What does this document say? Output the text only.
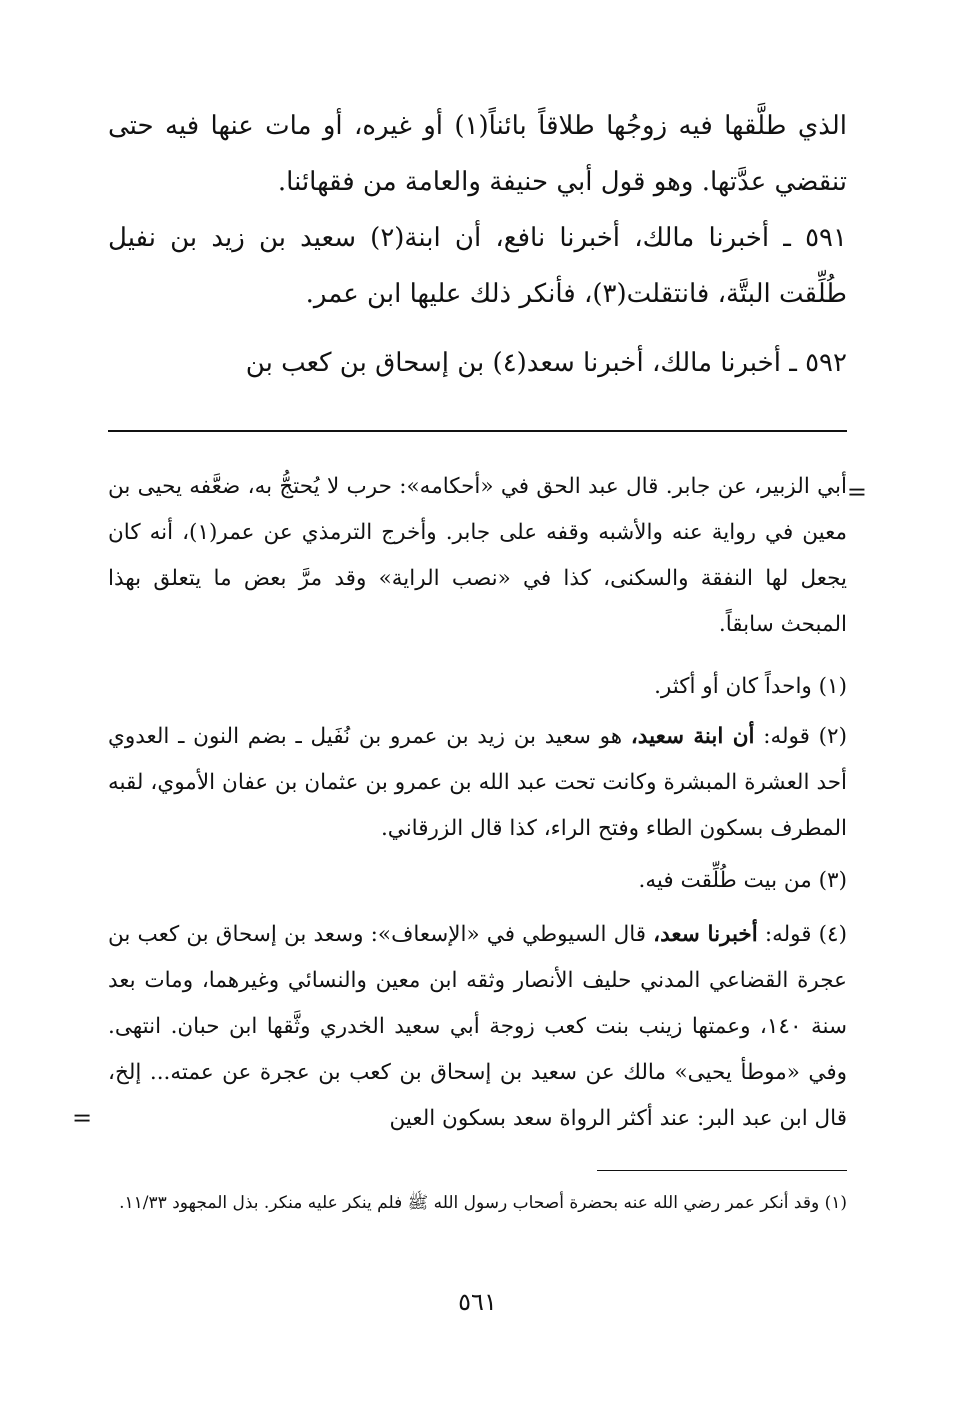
الذي طلَّقها فيه زوجُها طلاقاً بائناً(١) أو غيره، أو مات عنها فيه حتى تنقضي عدَّتها. وهو قول أبي حنيفة والعامة من فقهائنا.

٥٩١ ـ أخبرنا مالك، أخبرنا نافع، أن ابنة(٢) سعيد بن زيد بن نفيل طُلِّقت البتَّة، فانتقلت(٣)، فأنكر ذلك عليها ابن عمر.

٥٩٢ ـ أخبرنا مالك، أخبرنا سعد(٤) بن إسحاق بن كعب بن

=

أبي الزبير، عن جابر. قال عبد الحق في «أحكامه»: حرب لا يُحتجُّ به، ضعَّفه يحيى بن معين في رواية عنه والأشبه وقفه على جابر. وأخرج الترمذي عن عمر(١)، أنه كان يجعل لها النفقة والسكنى، كذا في «نصب الراية» وقد مرَّ بعض ما يتعلق بهذا المبحث سابقاً.

(١) واحداً كان أو أكثر.

(٢) قوله: أن ابنة سعيد، هو سعيد بن زيد بن عمرو بن نُفَيل ـ بضم النون ـ العدوي أحد العشرة المبشرة وكانت تحت عبد الله بن عمرو بن عثمان بن عفان الأموي، لقبه المطرف بسكون الطاء وفتح الراء، كذا قال الزرقاني.

(٣) من بيت طُلِّقت فيه.

(٤) قوله: أخبرنا سعد، قال السيوطي في «الإسعاف»: وسعد بن إسحاق بن كعب بن عجرة القضاعي المدني حليف الأنصار وثقه ابن معين والنسائي وغيرهما، ومات بعد سنة ١٤٠، وعمتها زينب بنت كعب زوجة أبي سعيد الخدري وثَّقها ابن حبان. انتهى. وفي «موطأ يحيى» مالك عن سعيد بن إسحاق بن كعب بن عجرة عن عمته... إلخ، قال ابن عبد البر: عند أكثر الرواة سعد بسكون العين

=

(١) وقد أنكر عمر رضي الله عنه بحضرة أصحاب رسول الله ﷺ فلم ينكر عليه منكر. بذل المجهود ١١/٣٣.

٥٦١
